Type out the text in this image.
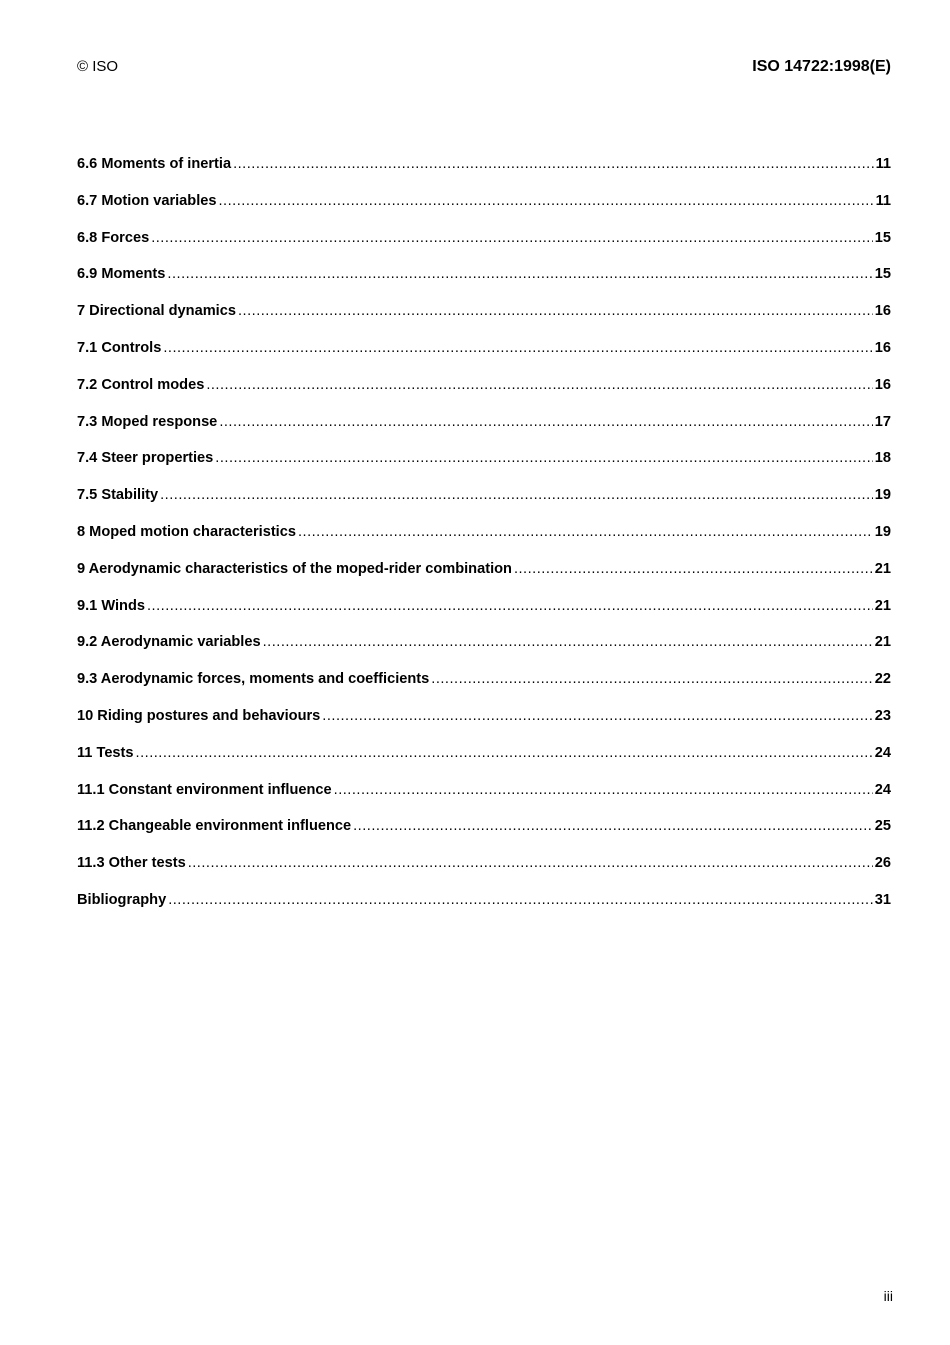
© ISO	ISO 14722:1998(E)
6.6 Moments of inertia .....	11
6.7 Motion variables .....	11
6.8 Forces .....	15
6.9 Moments .....	15
7 Directional dynamics .....	16
7.1 Controls .....	16
7.2 Control modes .....	16
7.3 Moped response .....	17
7.4 Steer properties .....	18
7.5 Stability .....	19
8 Moped motion characteristics .....	19
9 Aerodynamic characteristics of the moped-rider combination .....	21
9.1 Winds .....	21
9.2 Aerodynamic variables .....	21
9.3 Aerodynamic forces, moments and coefficients .....	22
10 Riding postures and behaviours .....	23
11 Tests .....	24
11.1 Constant environment influence .....	24
11.2 Changeable environment influence .....	25
11.3 Other tests .....	26
Bibliography .....	31
iii
